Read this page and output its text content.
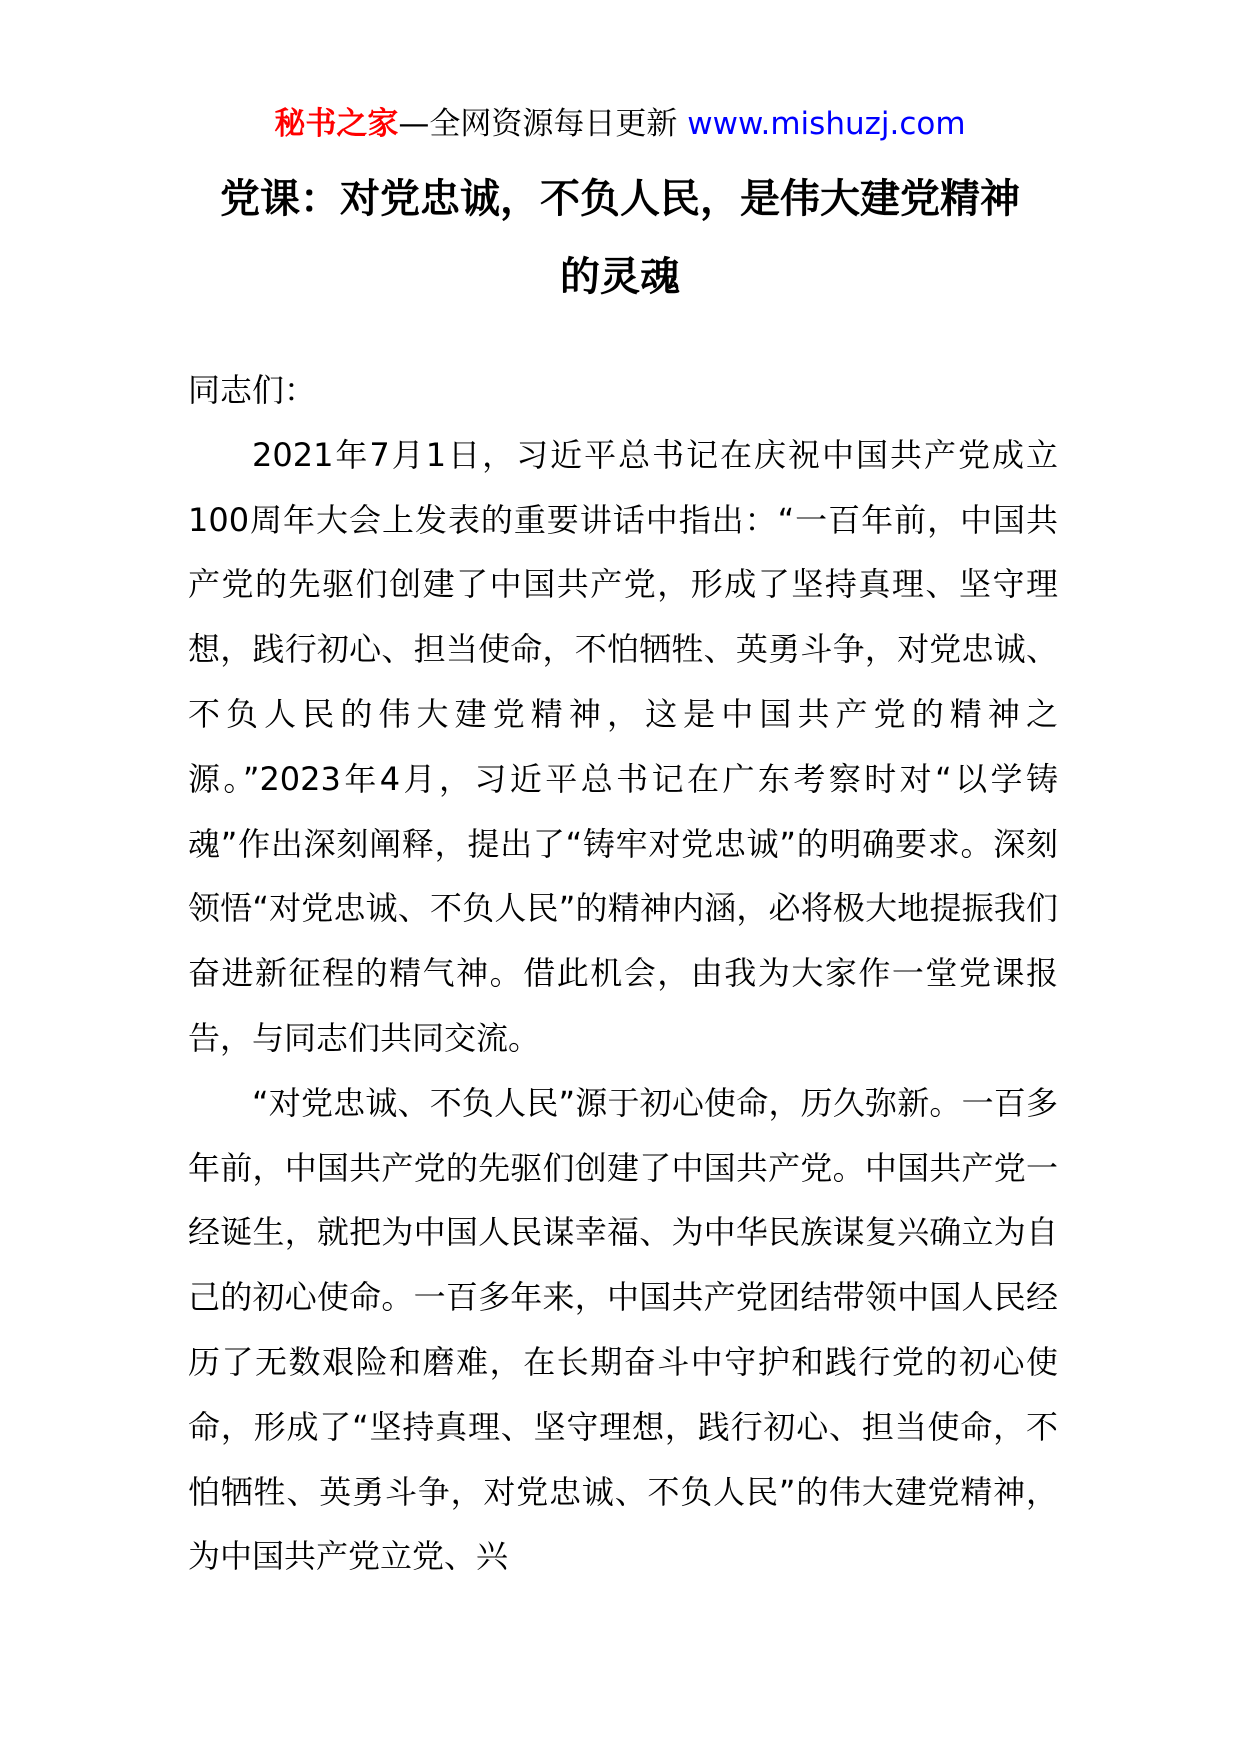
秘书之家—全网资源每日更新 www.mishuzj.com
党课：对党忠诚，不负人民，是伟大建党精神
的灵魂

同志们：

2021年7月1日，习近平总书记在庆祝中国共产党成立100周年大会上发表的重要讲话中指出：“一百年前，中国共产党的先驱们创建了中国共产党，形成了坚持真理、坚守理想，践行初心、担当使命，不怕牺牲、英勇斗争，对党忠诚、不负人民的伟大建党精神，这是中国共产党的精神之源。”2023年4月，习近平总书记在广东考察时对“以学铸魂”作出深刻阐释，提出了“铸牢对党忠诚”的明确要求。深刻领悟“对党忠诚、不负人民”的精神内涵，必将极大地提振我们奋进新征程的精气神。借此机会，由我为大家作一堂党课报告，与同志们共同交流。

“对党忠诚、不负人民”源于初心使命，历久弥新。一百多年前，中国共产党的先驱们创建了中国共产党。中国共产党一经诞生，就把为中国人民谋幸福、为中华民族谋复兴确立为自己的初心使命。一百多年来，中国共产党团结带领中国人民经历了无数艰险和磨难，在长期奋斗中守护和践行党的初心使命，形成了“坚持真理、坚守理想，践行初心、担当使命，不怕牺牲、英勇斗争，对党忠诚、不负人民”的伟大建党精神，为中国共产党立党、兴
